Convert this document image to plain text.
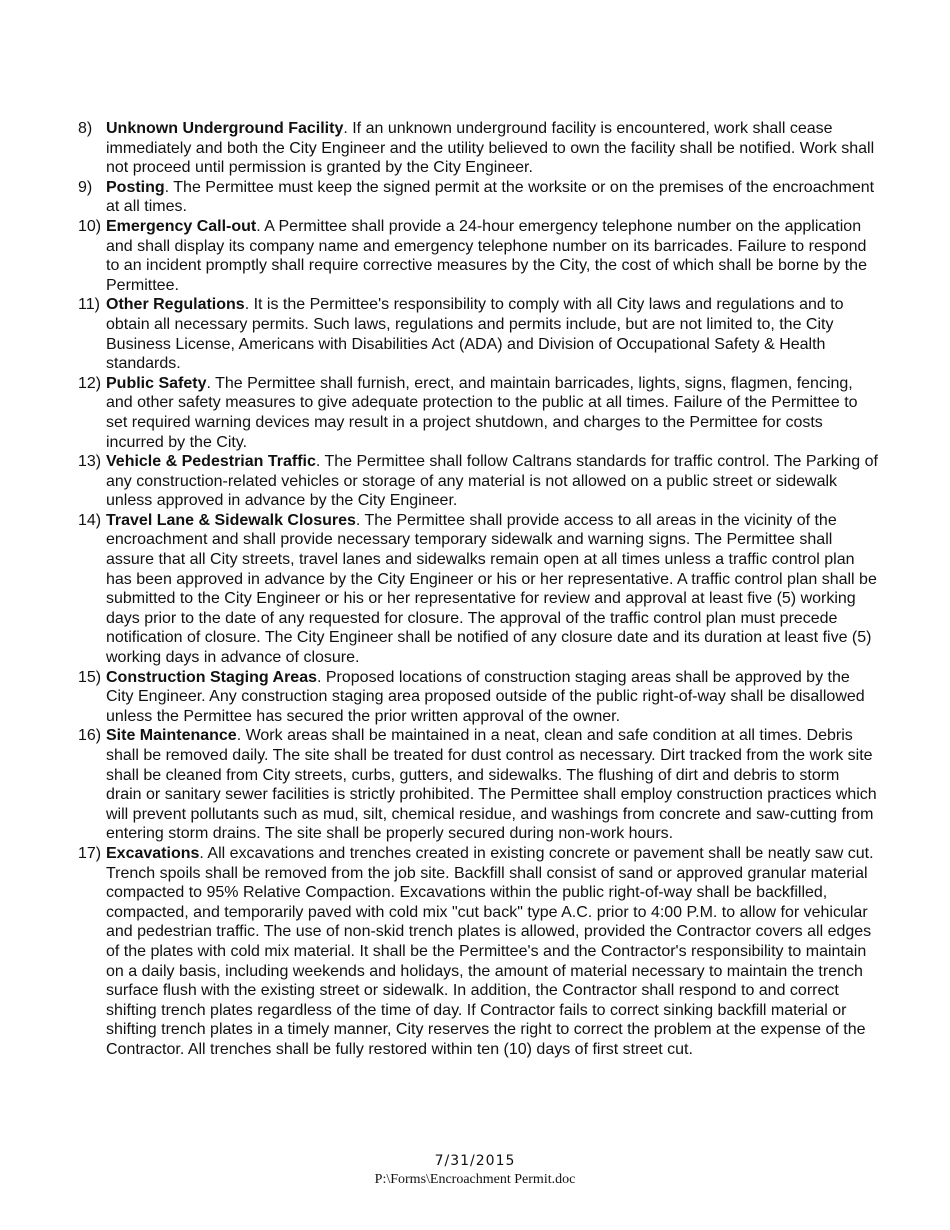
8) Unknown Underground Facility. If an unknown underground facility is encountered, work shall cease immediately and both the City Engineer and the utility believed to own the facility shall be notified. Work shall not proceed until permission is granted by the City Engineer.
9) Posting. The Permittee must keep the signed permit at the worksite or on the premises of the encroachment at all times.
10) Emergency Call-out. A Permittee shall provide a 24-hour emergency telephone number on the application and shall display its company name and emergency telephone number on its barricades. Failure to respond to an incident promptly shall require corrective measures by the City, the cost of which shall be borne by the Permittee.
11) Other Regulations. It is the Permittee's responsibility to comply with all City laws and regulations and to obtain all necessary permits. Such laws, regulations and permits include, but are not limited to, the City Business License, Americans with Disabilities Act (ADA) and Division of Occupational Safety & Health standards.
12) Public Safety. The Permittee shall furnish, erect, and maintain barricades, lights, signs, flagmen, fencing, and other safety measures to give adequate protection to the public at all times. Failure of the Permittee to set required warning devices may result in a project shutdown, and charges to the Permittee for costs incurred by the City.
13) Vehicle & Pedestrian Traffic. The Permittee shall follow Caltrans standards for traffic control. The Parking of any construction-related vehicles or storage of any material is not allowed on a public street or sidewalk unless approved in advance by the City Engineer.
14) Travel Lane & Sidewalk Closures. The Permittee shall provide access to all areas in the vicinity of the encroachment and shall provide necessary temporary sidewalk and warning signs. The Permittee shall assure that all City streets, travel lanes and sidewalks remain open at all times unless a traffic control plan has been approved in advance by the City Engineer or his or her representative. A traffic control plan shall be submitted to the City Engineer or his or her representative for review and approval at least five (5) working days prior to the date of any requested for closure. The approval of the traffic control plan must precede notification of closure. The City Engineer shall be notified of any closure date and its duration at least five (5) working days in advance of closure.
15) Construction Staging Areas. Proposed locations of construction staging areas shall be approved by the City Engineer. Any construction staging area proposed outside of the public right-of-way shall be disallowed unless the Permittee has secured the prior written approval of the owner.
16) Site Maintenance. Work areas shall be maintained in a neat, clean and safe condition at all times. Debris shall be removed daily. The site shall be treated for dust control as necessary. Dirt tracked from the work site shall be cleaned from City streets, curbs, gutters, and sidewalks. The flushing of dirt and debris to storm drain or sanitary sewer facilities is strictly prohibited. The Permittee shall employ construction practices which will prevent pollutants such as mud, silt, chemical residue, and washings from concrete and saw-cutting from entering storm drains. The site shall be properly secured during non-work hours.
17) Excavations. All excavations and trenches created in existing concrete or pavement shall be neatly saw cut. Trench spoils shall be removed from the job site. Backfill shall consist of sand or approved granular material compacted to 95% Relative Compaction. Excavations within the public right-of-way shall be backfilled, compacted, and temporarily paved with cold mix "cut back" type A.C. prior to 4:00 P.M. to allow for vehicular and pedestrian traffic. The use of non-skid trench plates is allowed, provided the Contractor covers all edges of the plates with cold mix material. It shall be the Permittee's and the Contractor's responsibility to maintain on a daily basis, including weekends and holidays, the amount of material necessary to maintain the trench surface flush with the existing street or sidewalk. In addition, the Contractor shall respond to and correct shifting trench plates regardless of the time of day. If Contractor fails to correct sinking backfill material or shifting trench plates in a timely manner, City reserves the right to correct the problem at the expense of the Contractor. All trenches shall be fully restored within ten (10) days of first street cut.
7/31/2015
P:\Forms\Encroachment Permit.doc
